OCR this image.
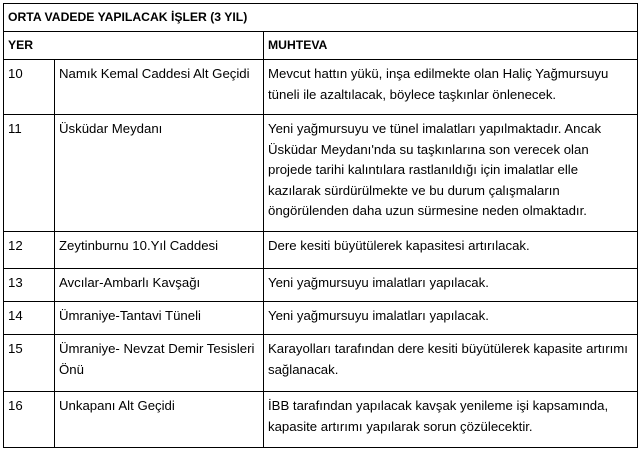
ORTA VADEDE YAPILACAK İŞLER (3 YIL)		
YER		MUHTEVA
10	Namık Kemal Caddesi Alt Geçidi	Mevcut hattın yükü, inşa edilmekte olan Haliç Yağmursuyu tüneli ile azaltılacak, böylece taşkınlar önlenecek.
11	Üsküdar Meydanı	Yeni yağmursuyu ve tünel imalatları yapılmaktadır. Ancak Üsküdar Meydanı'nda su taşkınlarına son verecek olan projede tarihi kalıntılara rastlanıldığı için imalatlar elle kazılarak sürdürülmekte ve bu durum çalışmaların öngörülenden daha uzun sürmesine neden olmaktadır.
12	Zeytinburnu 10.Yıl Caddesi	Dere kesiti büyütülerek kapasitesi artırılacak.
13	Avcılar-Ambarlı Kavşağı	Yeni yağmursuyu imalatları yapılacak.
14	Ümraniye-Tantavi Tüneli	Yeni yağmursuyu imalatları yapılacak.
15	Ümraniye- Nevzat Demir Tesisleri Önü	Karayolları tarafından dere kesiti büyütülerek kapasite artırımı sağlanacak.
16	Unkapanı Alt Geçidi	İBB tarafından yapılacak kavşak yenileme işi kapsamında, kapasite artırımı yapılarak sorun çözülecektir.
